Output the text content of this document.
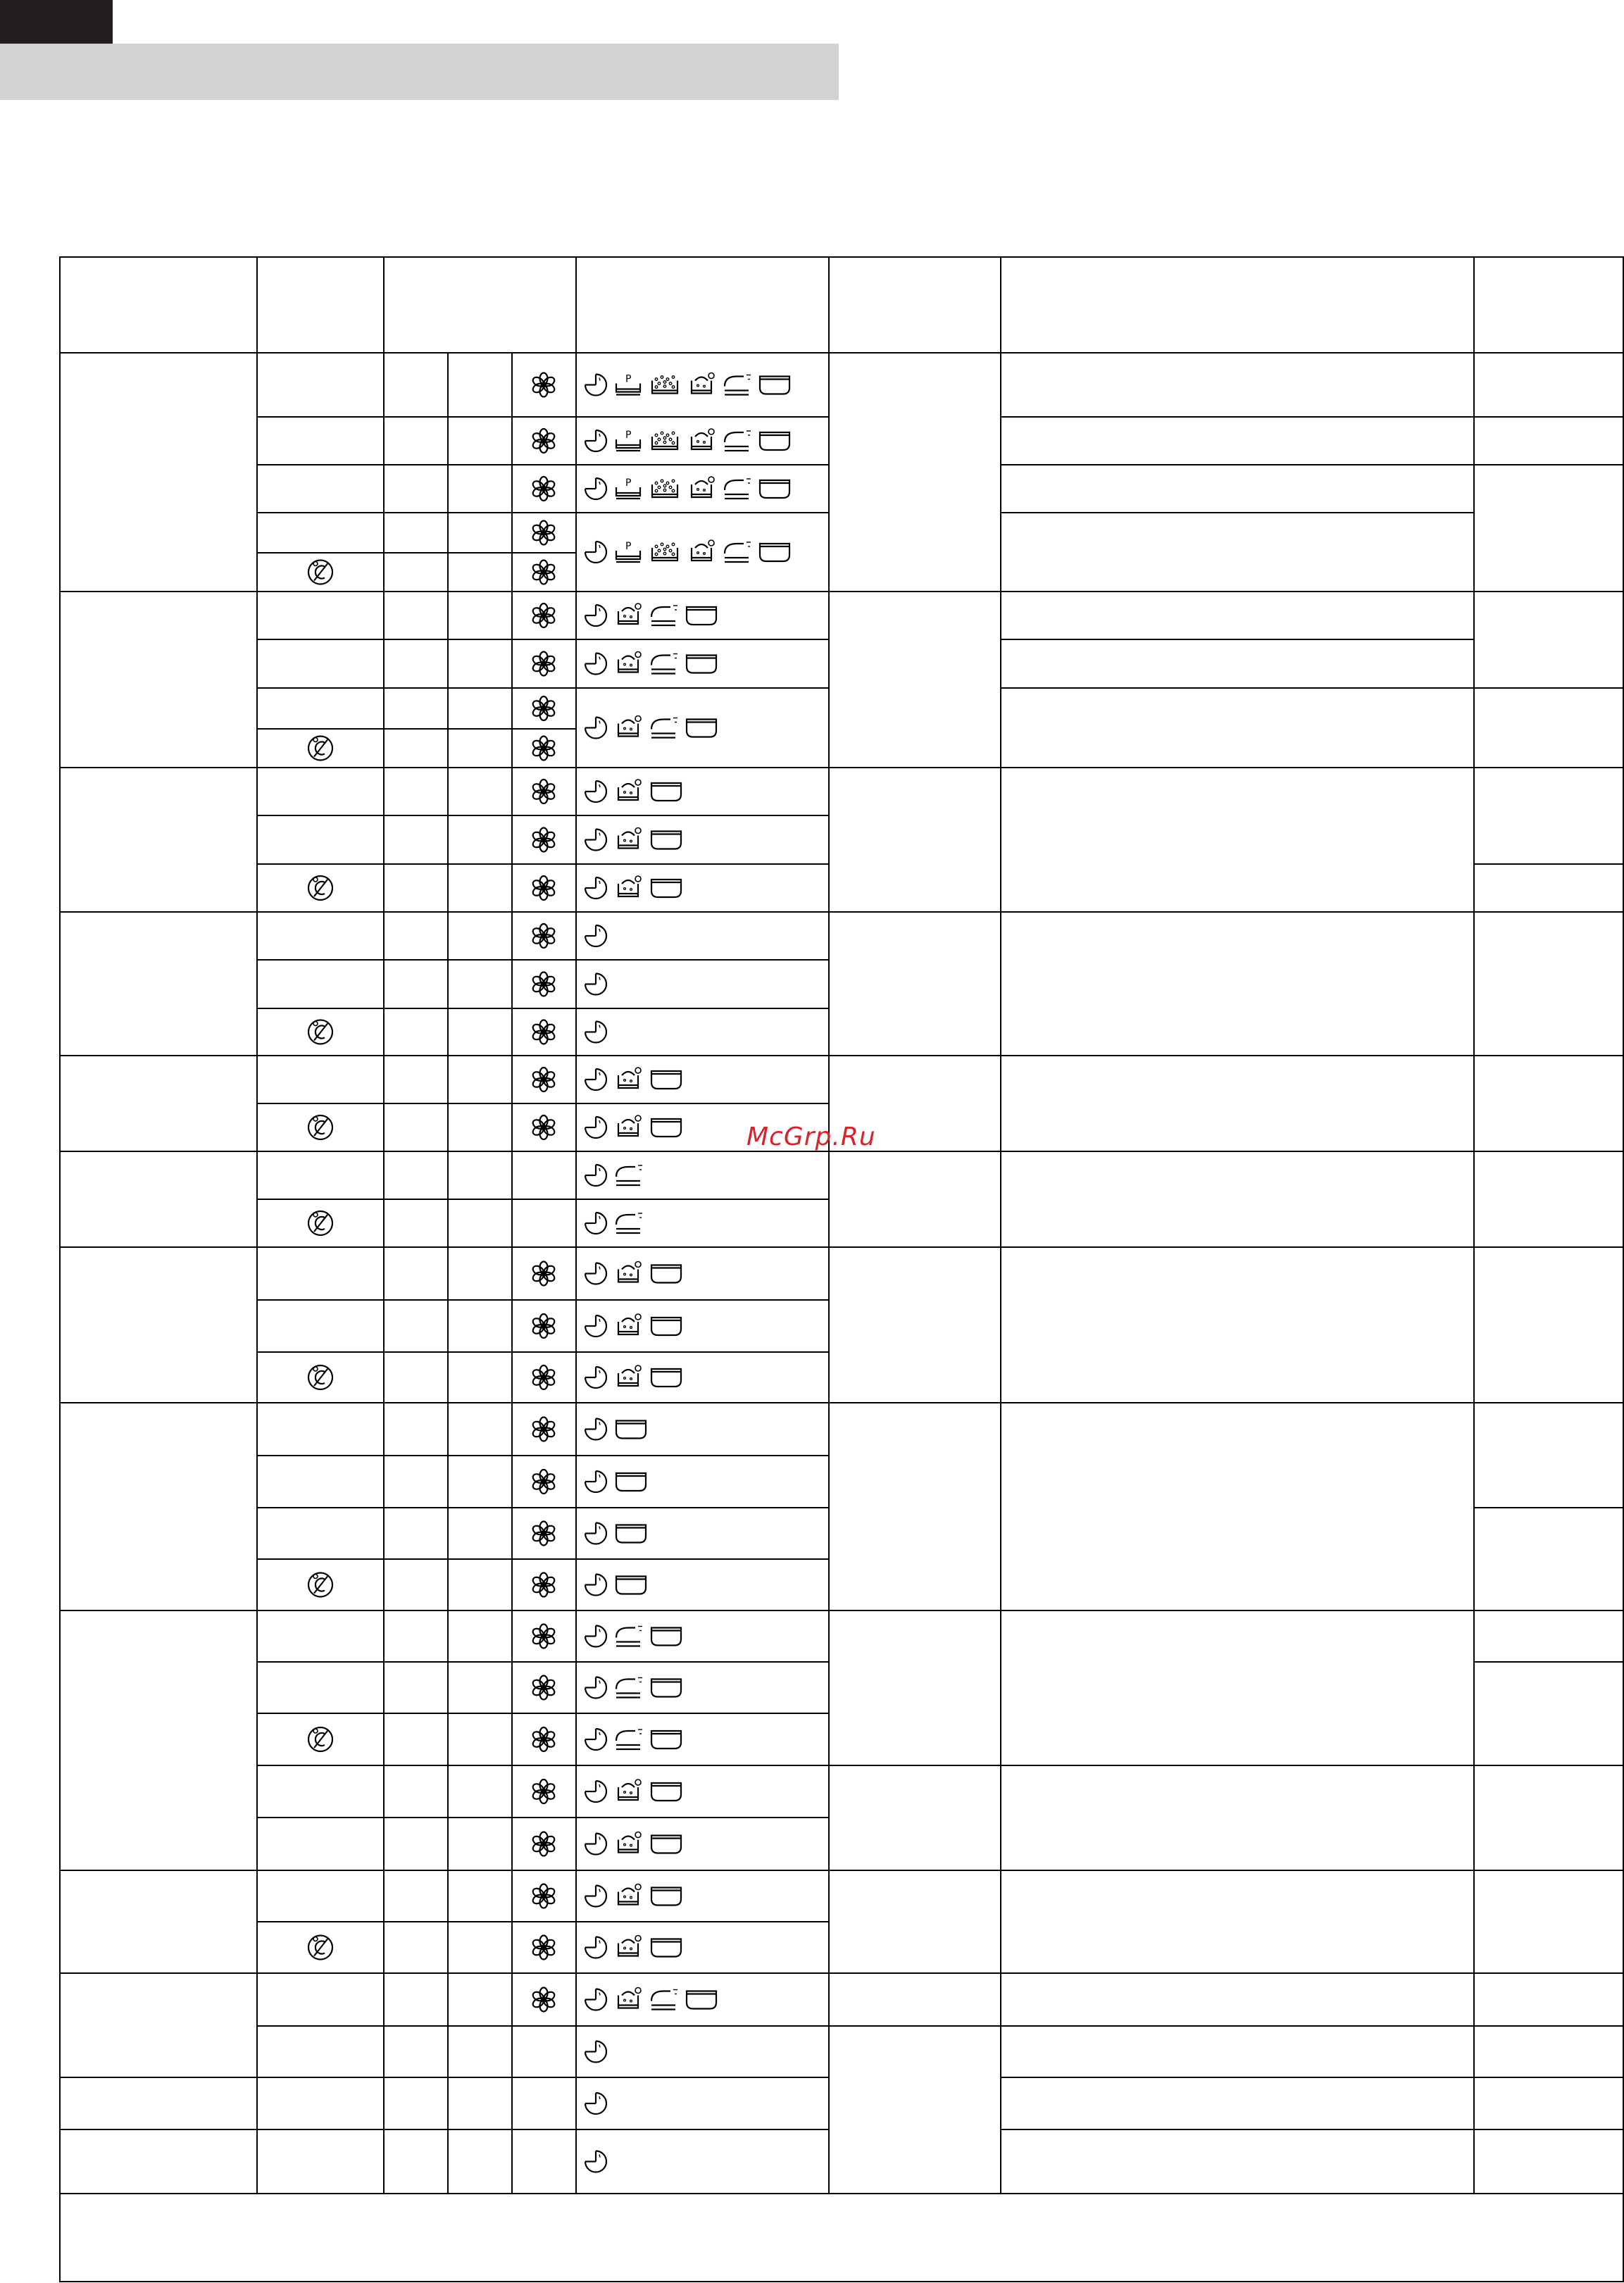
P
P
P
P
McGrp.Ru
